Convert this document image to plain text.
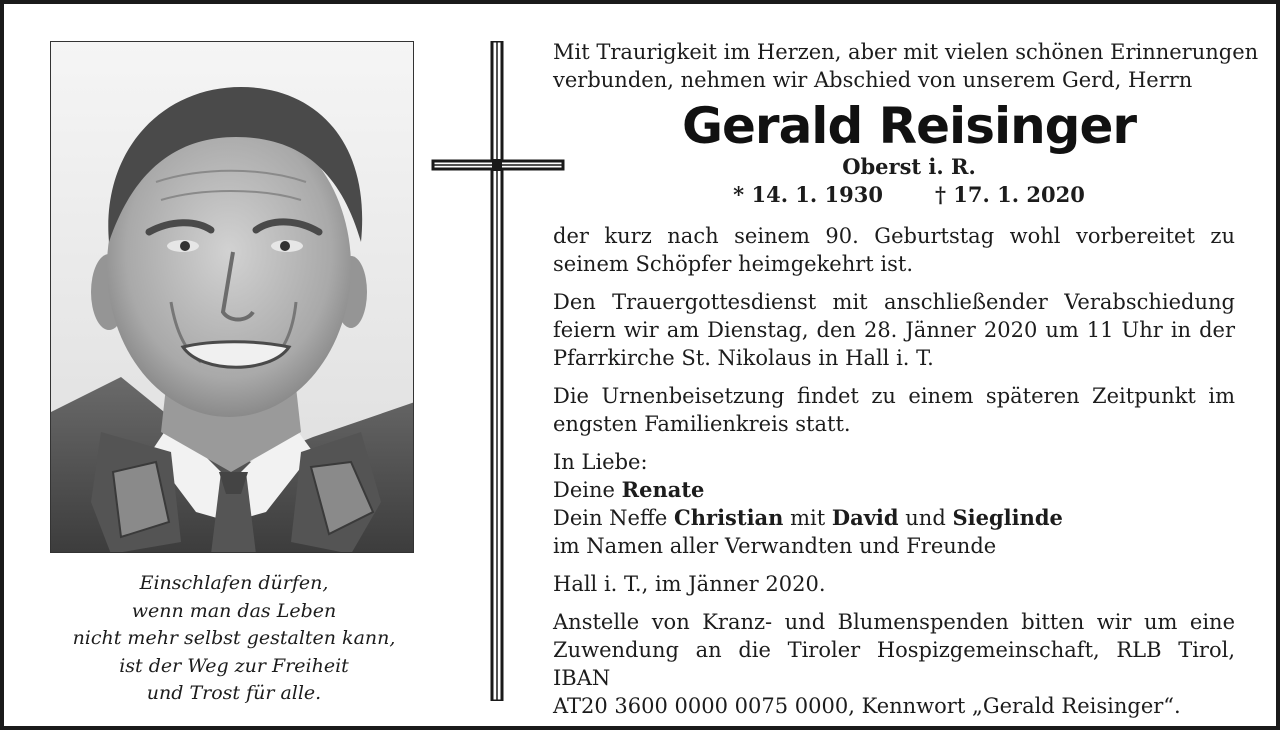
Einschlafen dürfen,
wenn man das Leben
nicht mehr selbst gestalten kann,
ist der Weg zur Freiheit
und Trost für alle.
Mit Traurigkeit im Herzen, aber mit vielen schönen Erinnerungen
verbunden, nehmen wir Abschied von unserem Gerd, Herrn
Gerald Reisinger
Oberst i. R.
* 14. 1. 1930 † 17. 1. 2020
der kurz nach seinem 90. Geburtstag wohl vorbereitet zu
seinem Schöpfer heimgekehrt ist.
Den Trauergottesdienst mit anschließender Verabschiedung
feiern wir am Dienstag, den 28. Jänner 2020 um 11 Uhr in der
Pfarrkirche St. Nikolaus in Hall i. T.
Die Urnenbeisetzung findet zu einem späteren Zeitpunkt im
engsten Familienkreis statt.
In Liebe:
Deine Renate
Dein Neffe Christian mit David und Sieglinde
im Namen aller Verwandten und Freunde
Hall i. T., im Jänner 2020.
Anstelle von Kranz- und Blumenspenden bitten wir um eine
Zuwendung an die Tiroler Hospizgemeinschaft, RLB Tirol, IBAN
AT20 3600 0000 0075 0000, Kennwort „Gerald Reisinger“.
